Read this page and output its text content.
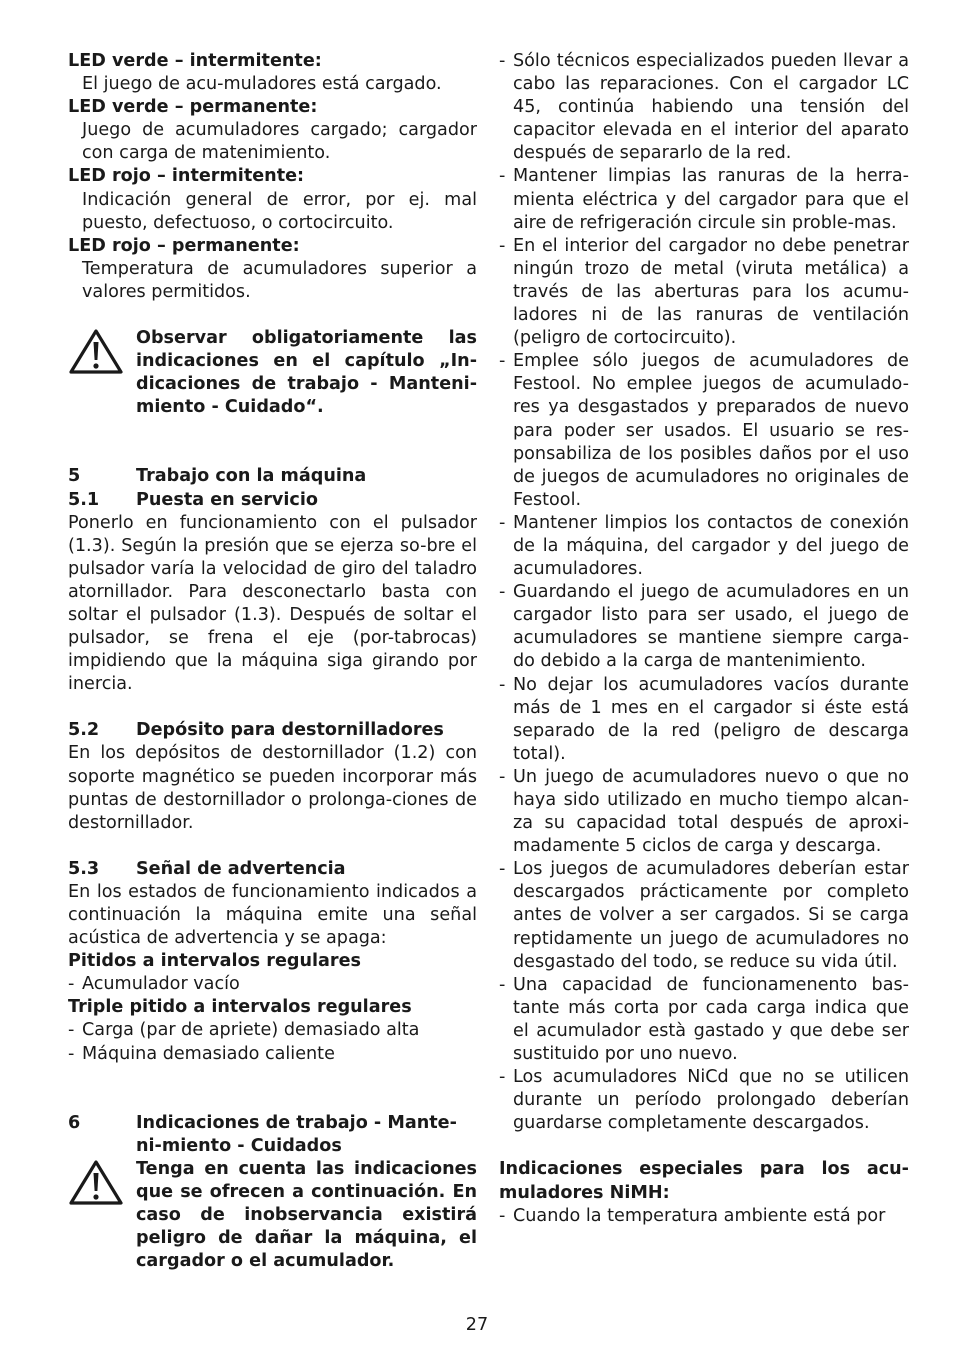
LED verde – intermitente:
El juego de acu-muladores está cargado.
LED verde – permanente:
Juego de acumuladores cargado; cargador con carga de matenimiento.
LED rojo – intermitente:
Indicación general de error, por ej. mal puesto, defectuoso, o cortocircuito.
LED rojo – permanente:
Temperatura de acumuladores superior a valores permitidos.
Observar obligatoriamente las indicaciones en el capítulo „In-dicaciones de trabajo - Manteni-miento - Cuidado“.
5	Trabajo con la máquina
5.1	Puesta en servicio
Ponerlo en funcionamiento con el pulsador (1.3). Según la presión que se ejerza so-bre el pulsador varía la velocidad de giro del taladro atornillador. Para desconectarlo basta con soltar el pulsador (1.3). Después de soltar el pulsador, se frena el eje (por-tabrocas) impidiendo que la máquina siga girando por inercia.
5.2	Depósito para destornilladores
En los depósitos de destornillador (1.2) con soporte magnético se pueden incorporar más puntas de destornillador o prolonga-ciones de destornillador.
5.3	Señal de advertencia
En los estados de funcionamiento indicados a continuación la máquina emite una señal acústica de advertencia y se apaga:
Pitidos a intervalos regulares
- Acumulador vacío
Triple pitido a intervalos regulares
- Carga (par de apriete) demasiado alta
- Máquina demasiado caliente
6	Indicaciones de trabajo - Mante-ni-miento - Cuidados
Tenga en cuenta las indicaciones que se ofrecen a continuación. En caso de inobservancia existirá peligro de dañar la máquina, el cargador o el acumulador.
- Sólo técnicos especializados pueden llevar a cabo las reparaciones. Con el cargador LC 45, continúa habiendo una tensión del capacitor elevada en el interior del aparato después de separarlo de la red.
- Mantener limpias las ranuras de la herra-mienta eléctrica y del cargador para que el aire de refrigeración circule sin proble-mas.
- En el interior del cargador no debe penetrar ningún trozo de metal (viruta metálica) a través de las aberturas para los acumu-ladores ni de las ranuras de ventilación (peligro de cortocircuito).
- Emplee sólo juegos de acumuladores de Festool. No emplee juegos de acumulado-res ya desgastados y preparados de nuevo para poder ser usados. El usuario se res-ponsabiliza de los posibles daños por el uso de juegos de acumuladores no originales de Festool.
- Mantener limpios los contactos de conexión de la máquina, del cargador y del juego de acumuladores.
- Guardando el juego de acumuladores en un cargador listo para ser usado, el juego de acumuladores se mantiene siempre carga-do debido a la carga de mantenimiento.
- No dejar los acumuladores vacíos durante más de 1 mes en el cargador si éste está separado de la red (peligro de descarga total).
- Un juego de acumuladores nuevo o que no haya sido utilizado en mucho tiempo alcan-za su capacidad total después de aproxi-madamente 5 ciclos de carga y descarga.
- Los juegos de acumuladores deberían estar descargados prácticamente por completo antes de volver a ser cargados. Si se carga reptidamente un juego de acumuladores no desgastado del todo, se reduce su vida útil.
- Una capacidad de funcionamenento bas-tante más corta por cada carga indica que el acumulador està gastado y que debe ser sustituido por uno nuevo.
- Los acumuladores NiCd que no se utilicen durante un período prolongado deberían guardarse completamente descargados.
Indicaciones especiales para los acu-muladores NiMH:
- Cuando la temperatura ambiente está por
27
